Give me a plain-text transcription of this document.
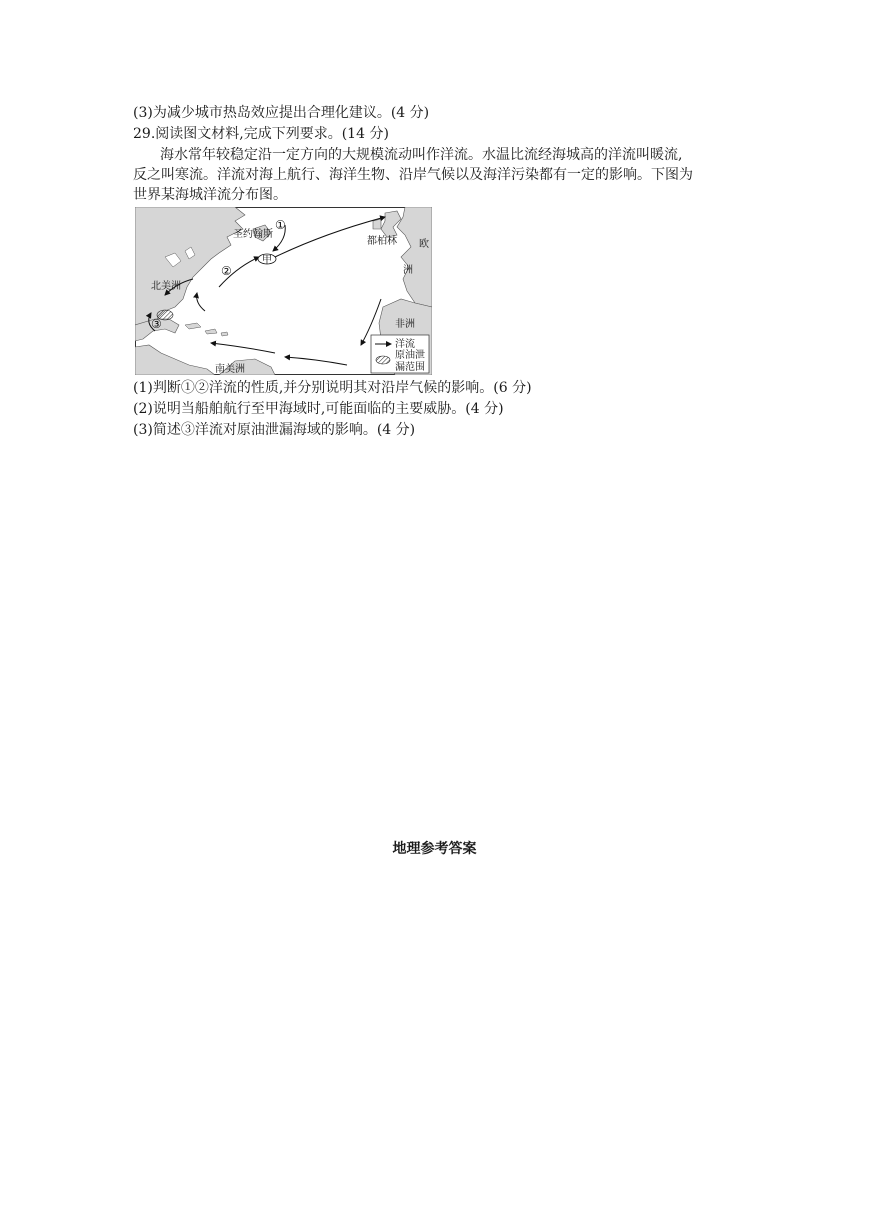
(3)为减少城市热岛效应提出合理化建议。(4 分)
29.阅读图文材料,完成下列要求。(14 分)
海水常年较稳定沿一定方向的大规模流动叫作洋流。水温比流经海城高的洋流叫暖流,
反之叫寒流。洋流对海上航行、海洋生物、沿岸气候以及海洋污染都有一定的影响。下图为
世界某海城洋流分布图。
圣约翰斯
都柏林 欧
洲
北美洲
南美洲
非洲
甲
①
②
③
洋流
原油泄
漏范围
(1)判断①②洋流的性质,并分别说明其对沿岸气候的影响。(6 分)
(2)说明当船舶航行至甲海域时,可能面临的主要威胁。(4 分)
(3)简述③洋流对原油泄漏海域的影响。(4 分)
地理参考答案
